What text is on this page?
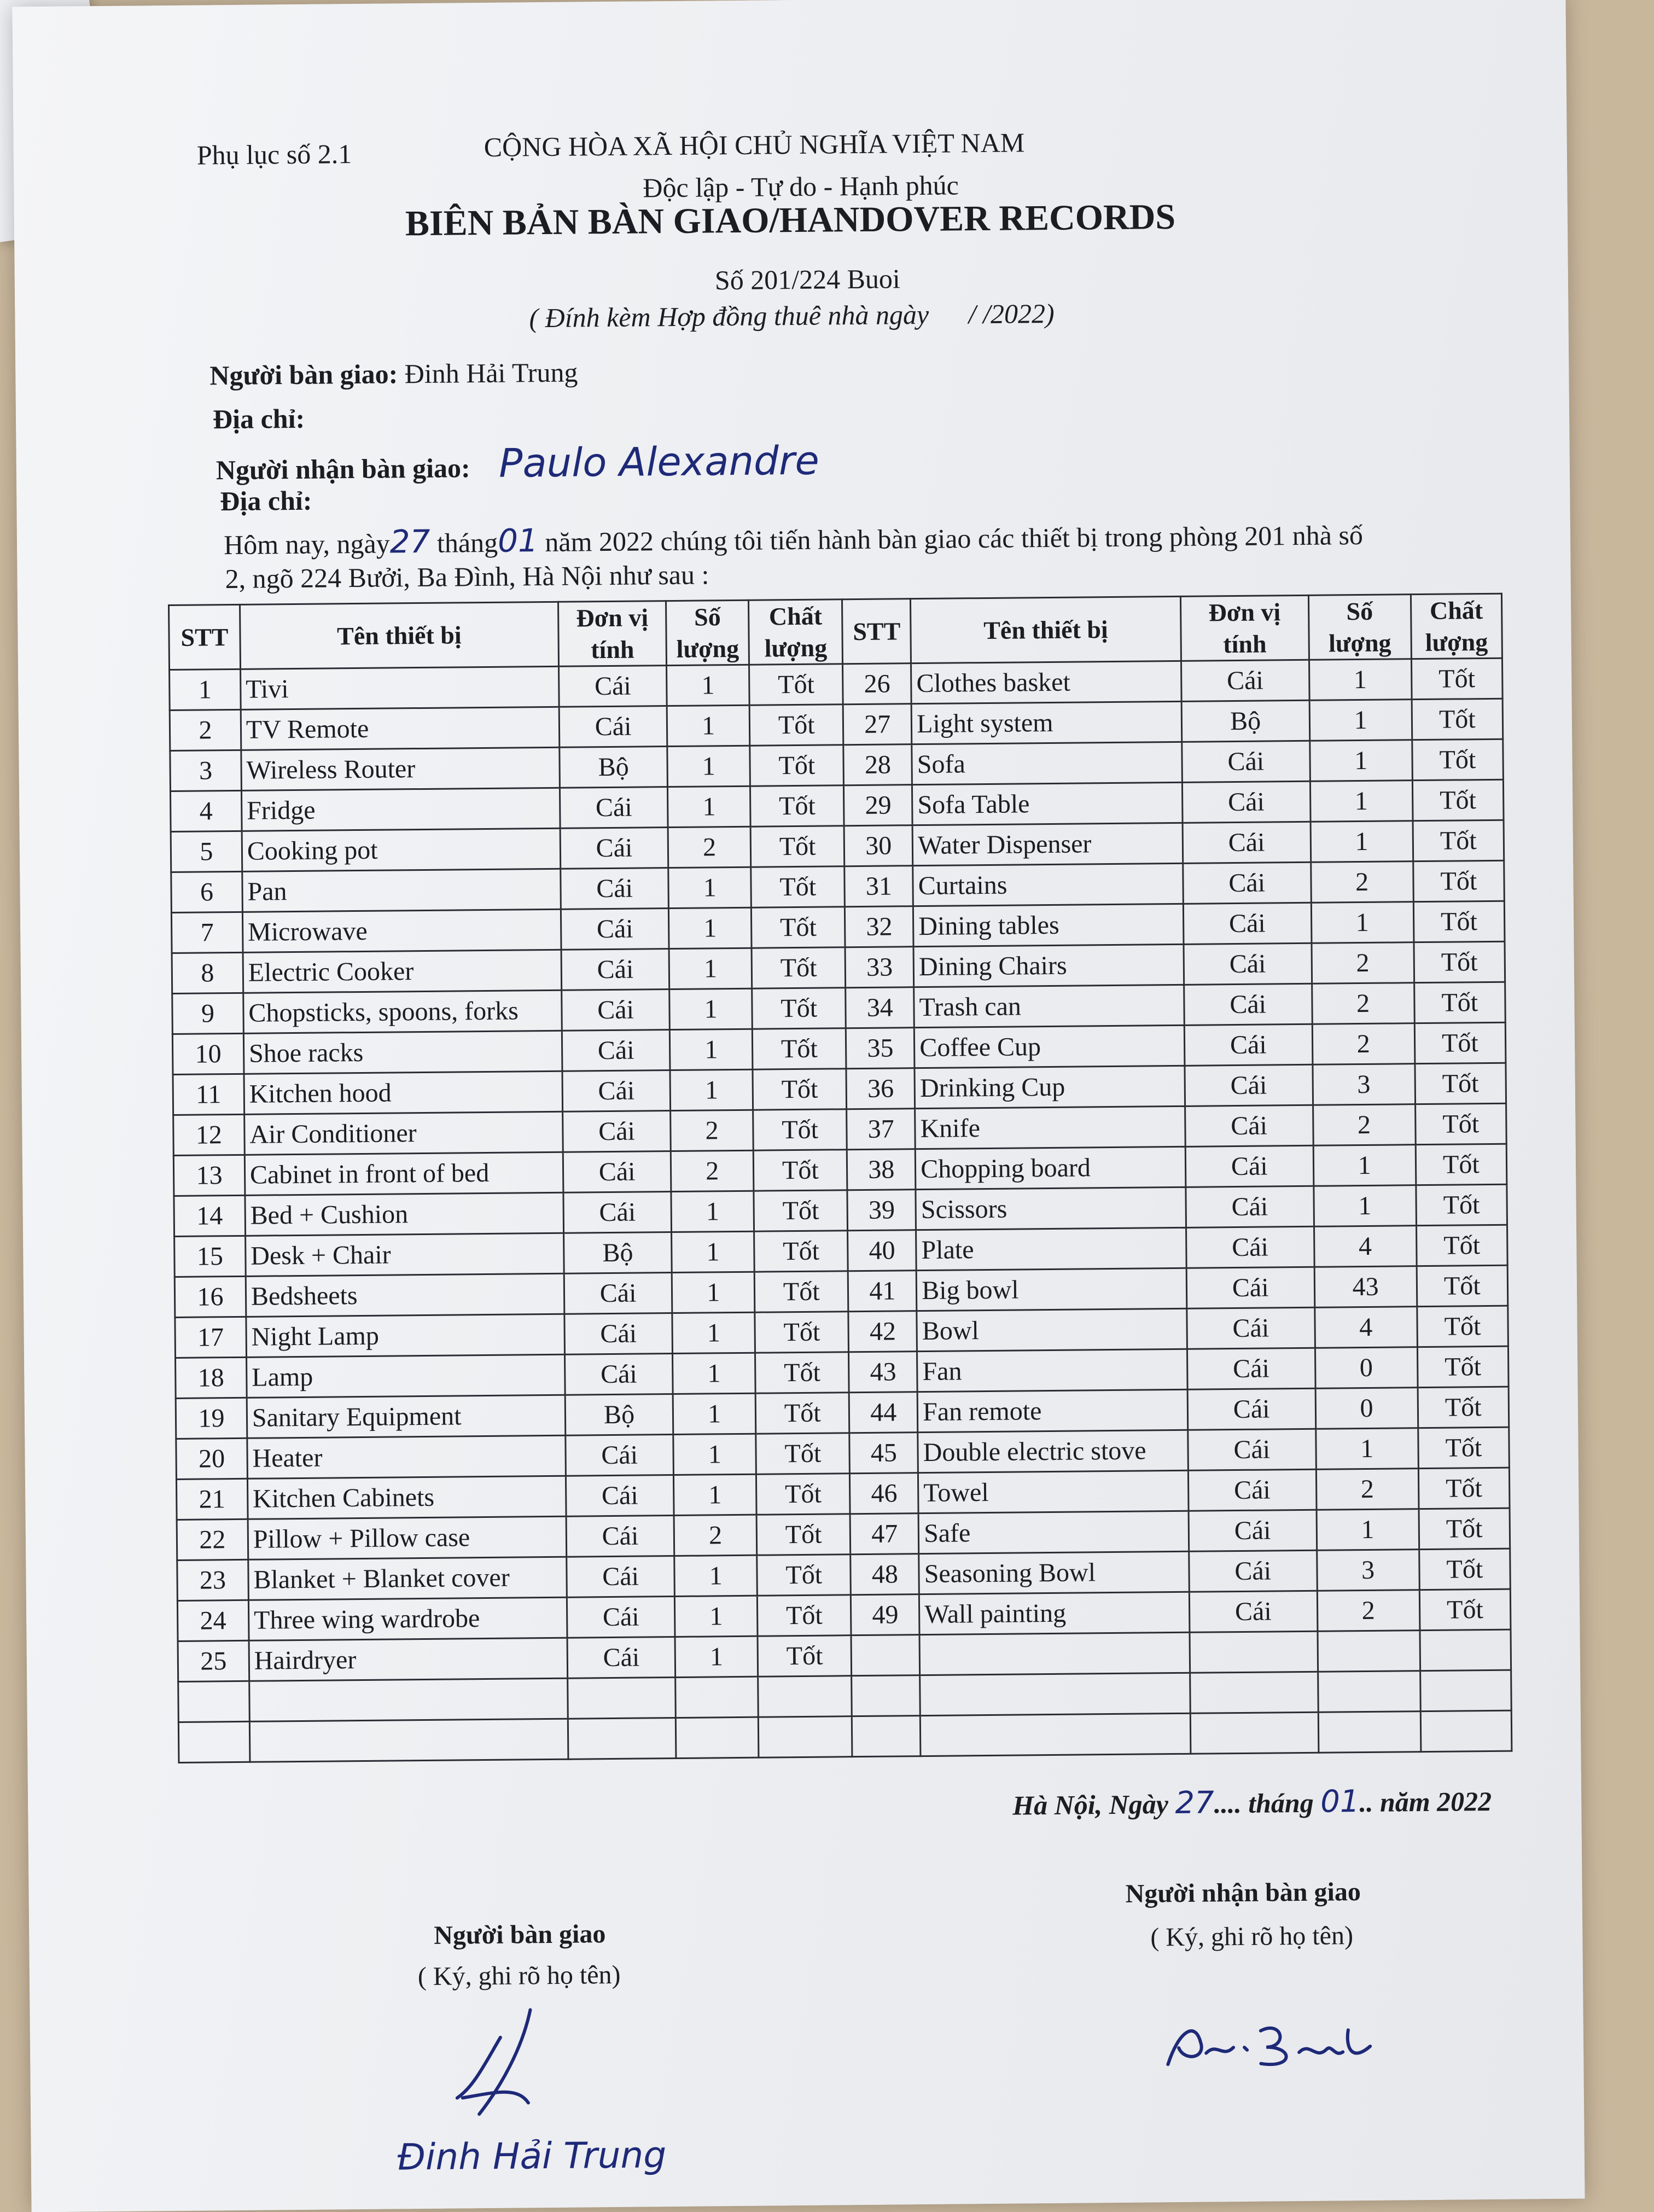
Phụ lục số 2.1	CỘNG HÒA XÃ HỘI CHỦ NGHĨA VIỆT NAM
Độc lập - Tự do - Hạnh phúc
BIÊN BẢN BÀN GIAO/HANDOVER RECORDS
Số 201/224 Buoi
( Đính kèm Hợp đồng thuê nhà ngày / /2022)
Người bàn giao: Đinh Hải Trung
Địa chỉ:
Người nhận bàn giao: Paulo Alexandre
Địa chỉ:
Hôm nay, ngày27 tháng01 năm 2022 chúng tôi tiến hành bàn giao các thiết bị trong phòng 201 nhà số
2, ngõ 224 Bưởi, Ba Đình, Hà Nội như sau :
STT	Tên thiết bị	Đơn vị tính	Số lượng	Chất lượng	STT	Tên thiết bị	Đơn vị tính	Số lượng	Chất lượng
1	Tivi	Cái	1	Tốt	26	Clothes basket	Cái	1	Tốt
2	TV Remote	Cái	1	Tốt	27	Light system	Bộ	1	Tốt
3	Wireless Router	Bộ	1	Tốt	28	Sofa	Cái	1	Tốt
4	Fridge	Cái	1	Tốt	29	Sofa Table	Cái	1	Tốt
5	Cooking pot	Cái	2	Tốt	30	Water Dispenser	Cái	1	Tốt
6	Pan	Cái	1	Tốt	31	Curtains	Cái	2	Tốt
7	Microwave	Cái	1	Tốt	32	Dining tables	Cái	1	Tốt
8	Electric Cooker	Cái	1	Tốt	33	Dining Chairs	Cái	2	Tốt
9	Chopsticks, spoons, forks	Cái	1	Tốt	34	Trash can	Cái	2	Tốt
10	Shoe racks	Cái	1	Tốt	35	Coffee Cup	Cái	2	Tốt
11	Kitchen hood	Cái	1	Tốt	36	Drinking Cup	Cái	3	Tốt
12	Air Conditioner	Cái	2	Tốt	37	Knife	Cái	2	Tốt
13	Cabinet in front of bed	Cái	2	Tốt	38	Chopping board	Cái	1	Tốt
14	Bed + Cushion	Cái	1	Tốt	39	Scissors	Cái	1	Tốt
15	Desk + Chair	Bộ	1	Tốt	40	Plate	Cái	4	Tốt
16	Bedsheets	Cái	1	Tốt	41	Big bowl	Cái	43	Tốt
17	Night Lamp	Cái	1	Tốt	42	Bowl	Cái	4	Tốt
18	Lamp	Cái	1	Tốt	43	Fan	Cái	0	Tốt
19	Sanitary Equipment	Bộ	1	Tốt	44	Fan remote	Cái	0	Tốt
20	Heater	Cái	1	Tốt	45	Double electric stove	Cái	1	Tốt
21	Kitchen Cabinets	Cái	1	Tốt	46	Towel	Cái	2	Tốt
22	Pillow + Pillow case	Cái	2	Tốt	47	Safe	Cái	1	Tốt
23	Blanket + Blanket cover	Cái	1	Tốt	48	Seasoning Bowl	Cái	3	Tốt
24	Three wing wardrobe	Cái	1	Tốt	49	Wall painting	Cái	2	Tốt
25	Hairdryer	Cái	1	Tốt					

Hà Nội, Ngày 27.... tháng 01.. năm 2022
Người bàn giao
( Ký, ghi rõ họ tên)
Người nhận bàn giao
( Ký, ghi rõ họ tên)
Đinh Hải Trung
